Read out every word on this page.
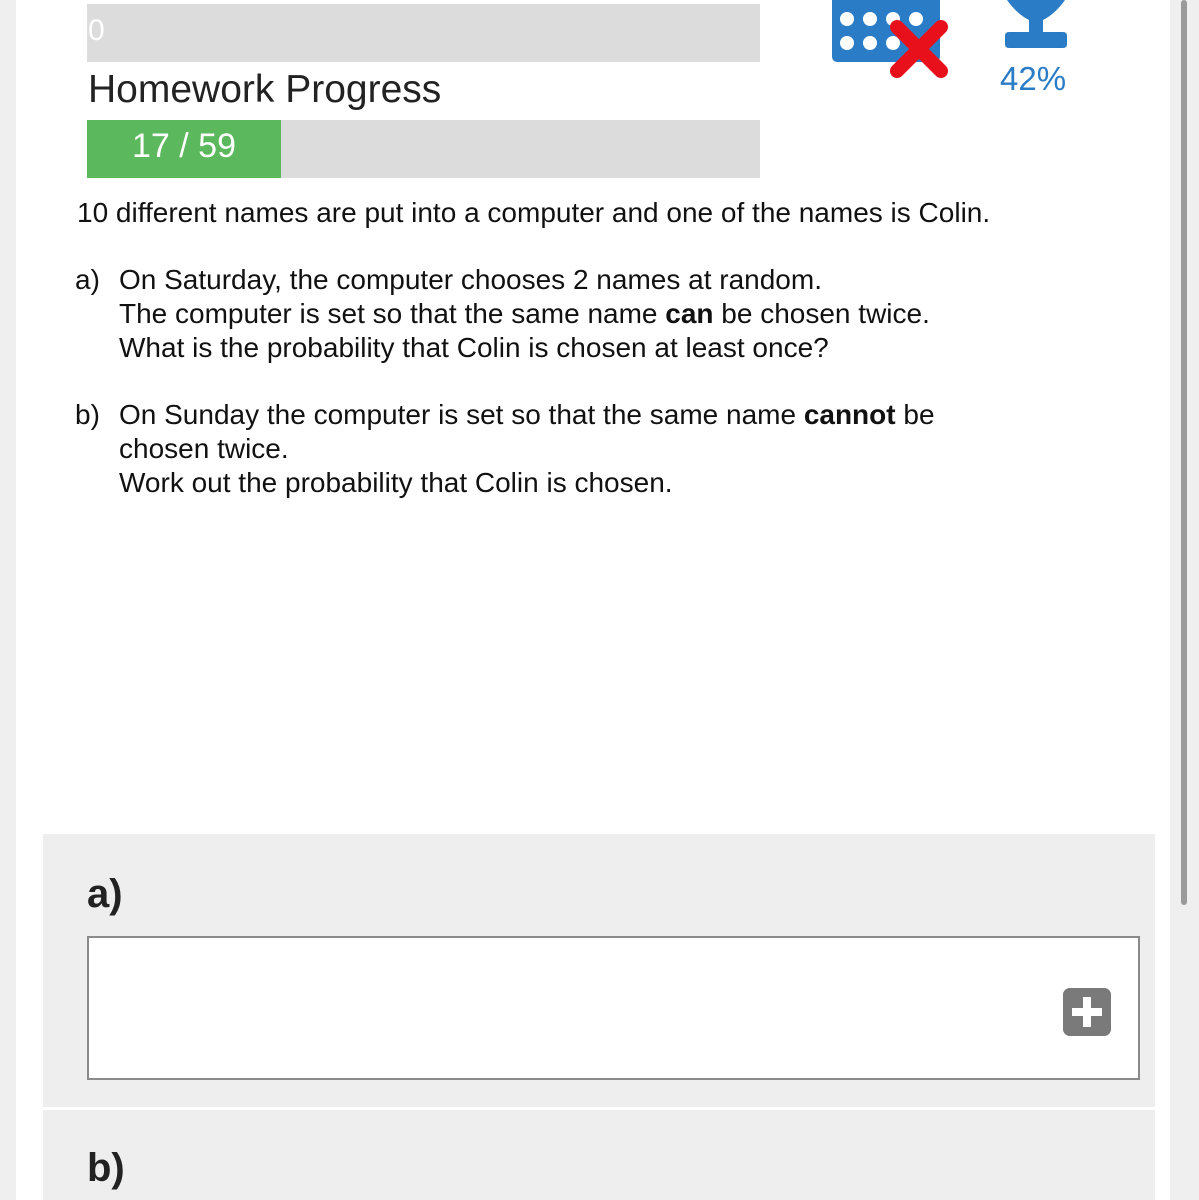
0
Homework Progress
17 / 59
42%
10 different names are put into a computer and one of the names is Colin.
a) On Saturday, the computer chooses 2 names at random.
The computer is set so that the same name can be chosen twice.
What is the probability that Colin is chosen at least once?
b) On Sunday the computer is set so that the same name cannot be
chosen twice.
Work out the probability that Colin is chosen.
a)
b)
